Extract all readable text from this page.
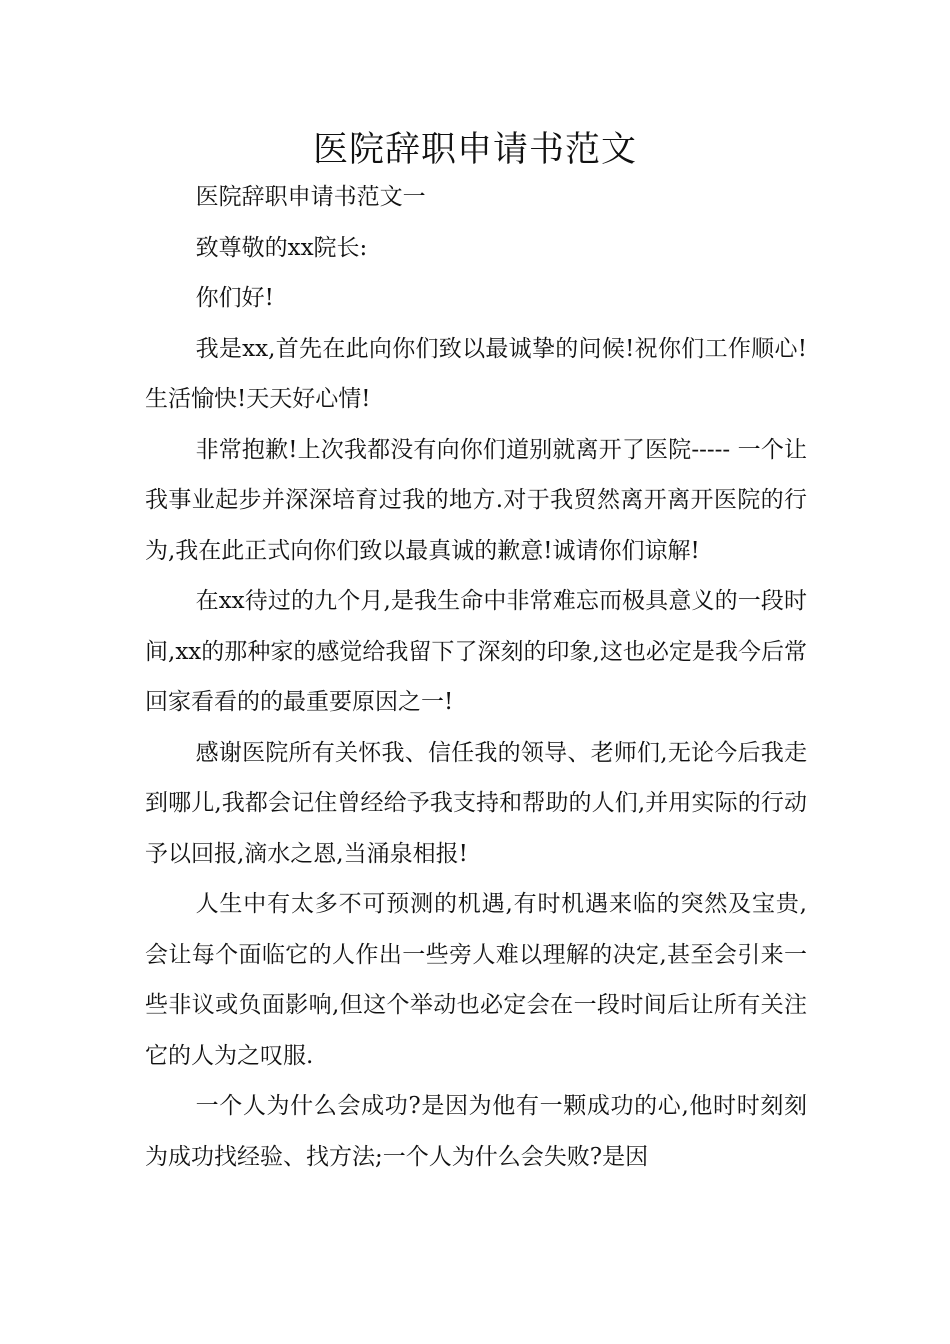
医院辞职申请书范文

医院辞职申请书范文一

致尊敬的xx院长:

你们好!

我是xx,首先在此向你们致以最诚挚的问候!祝你们工作顺心!生活愉快!天天好心情!

非常抱歉!上次我都没有向你们道别就离开了医院----- 一个让我事业起步并深深培育过我的地方.对于我贸然离开离开医院的行为,我在此正式向你们致以最真诚的歉意!诚请你们谅解!

在xx待过的九个月,是我生命中非常难忘而极具意义的一段时间,xx的那种家的感觉给我留下了深刻的印象,这也必定是我今后常回家看看的的最重要原因之一!

感谢医院所有关怀我、信任我的领导、老师们,无论今后我走到哪儿,我都会记住曾经给予我支持和帮助的人们,并用实际的行动予以回报,滴水之恩,当涌泉相报!

人生中有太多不可预测的机遇,有时机遇来临的突然及宝贵,会让每个面临它的人作出一些旁人难以理解的决定,甚至会引来一些非议或负面影响,但这个举动也必定会在一段时间后让所有关注它的人为之叹服.

一个人为什么会成功?是因为他有一颗成功的心,他时时刻刻为成功找经验、找方法;一个人为什么会失败?是因
